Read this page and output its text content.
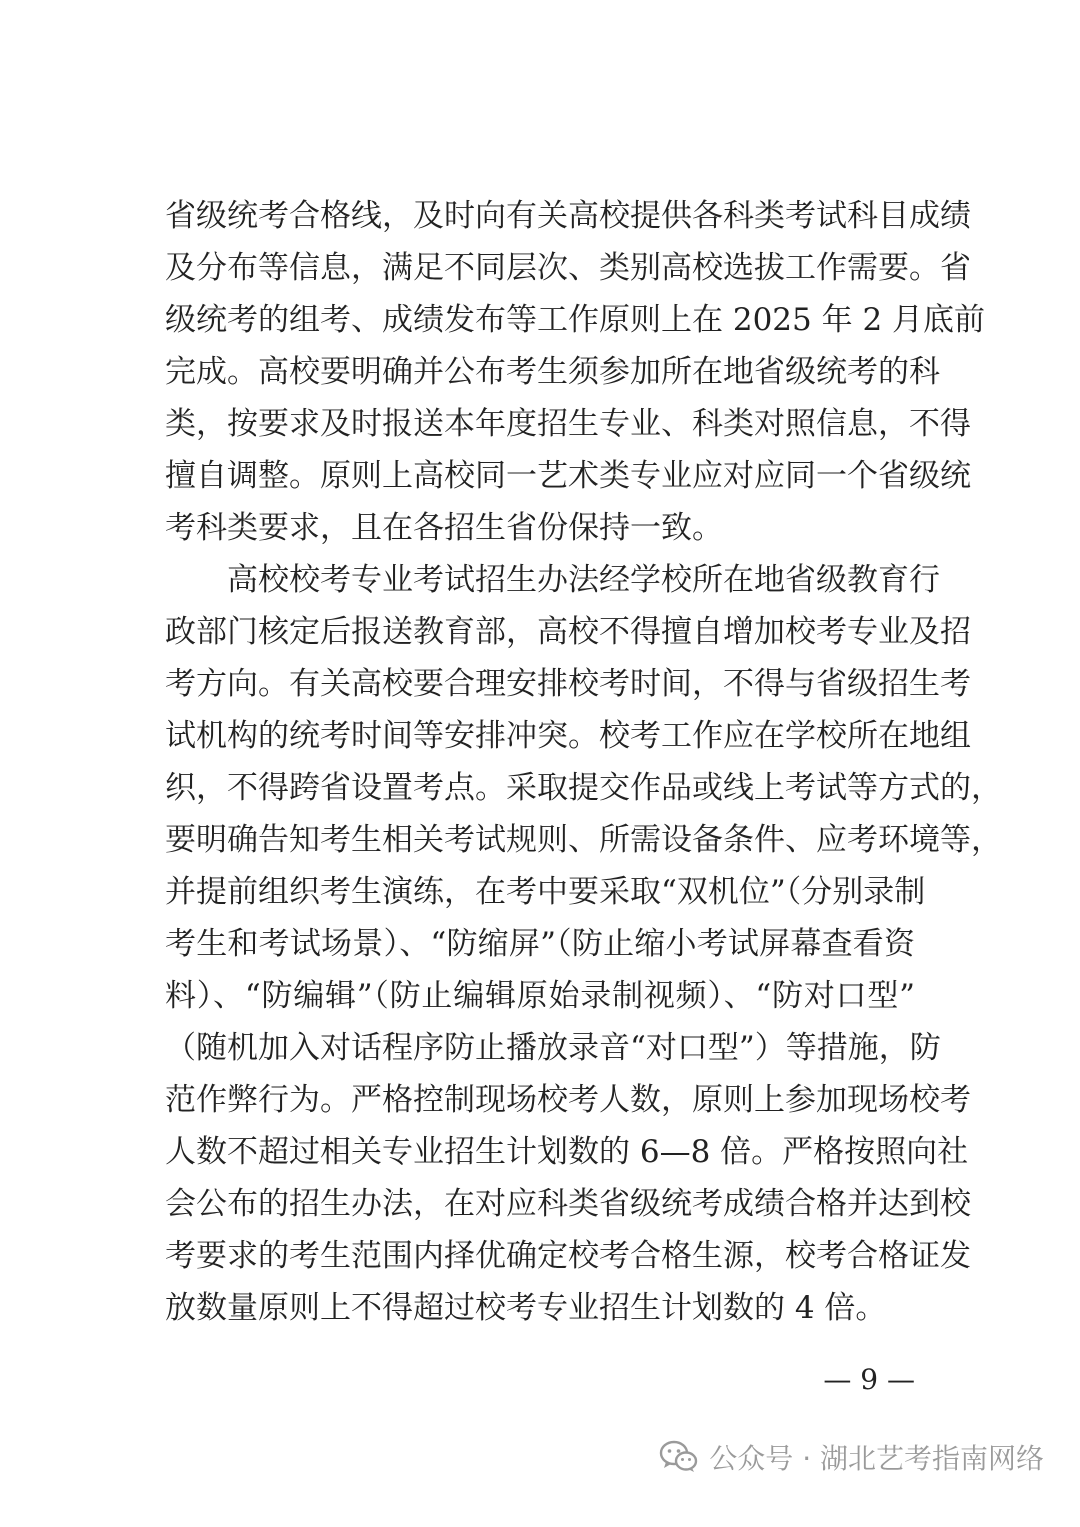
省级统考合格线，及时向有关高校提供各科类考试科目成绩
及分布等信息，满足不同层次、类别高校选拔工作需要。省
级统考的组考、成绩发布等工作原则上在 2025 年 2 月底前
完成。高校要明确并公布考生须参加所在地省级统考的科
类，按要求及时报送本年度招生专业、科类对照信息，不得
擅自调整。原则上高校同一艺术类专业应对应同一个省级统
考科类要求，且在各招生省份保持一致。
高校校考专业考试招生办法经学校所在地省级教育行
政部门核定后报送教育部，高校不得擅自增加校考专业及招
考方向。有关高校要合理安排校考时间，不得与省级招生考
试机构的统考时间等安排冲突。校考工作应在学校所在地组
织，不得跨省设置考点。采取提交作品或线上考试等方式的，
要明确告知考生相关考试规则、所需设备条件、应考环境等，
并提前组织考生演练，在考中要采取“双机位”（分别录制
考生和考试场景）、“防缩屏”（防止缩小考试屏幕查看资
料）、“防编辑”（防止编辑原始录制视频）、“防对口型”
（随机加入对话程序防止播放录音“对口型”）等措施，防
范作弊行为。严格控制现场校考人数，原则上参加现场校考
人数不超过相关专业招生计划数的 6—8 倍。严格按照向社
会公布的招生办法，在对应科类省级统考成绩合格并达到校
考要求的考生范围内择优确定校考合格生源，校考合格证发
放数量原则上不得超过校考专业招生计划数的 4 倍。
— 9 —
公众号 · 湖北艺考指南网络
